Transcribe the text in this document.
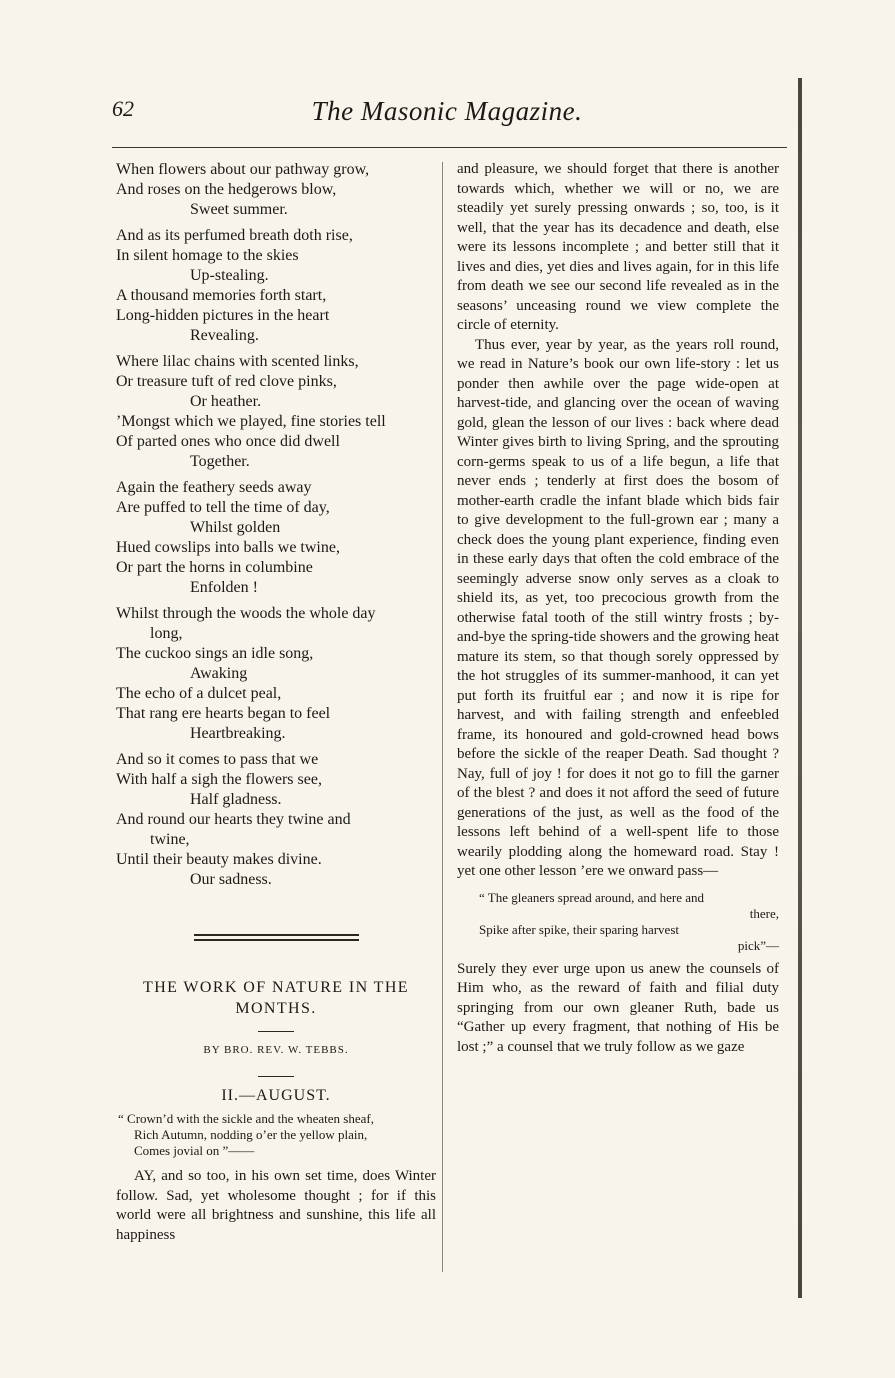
62	The Masonic Magazine.
When flowers about our pathway grow,
And roses on the hedgerows blow,
Sweet summer.
And as its perfumed breath doth rise,
In silent homage to the skies
Up-stealing.
A thousand memories forth start,
Long-hidden pictures in the heart
Revealing.
Where lilac chains with scented links,
Or treasure tuft of red clove pinks,
Or heather.
’Mongst which we played, fine stories tell
Of parted ones who once did dwell
Together.
Again the feathery seeds away
Are puffed to tell the time of day,
Whilst golden
Hued cowslips into balls we twine,
Or part the horns in columbine
Enfolden !
Whilst through the woods the whole day
long,
The cuckoo sings an idle song,
Awaking
The echo of a dulcet peal,
That rang ere hearts began to feel
Heartbreaking.
And so it comes to pass that we
With half a sigh the flowers see,
Half gladness.
And round our hearts they twine and
twine,
Until their beauty makes divine.
Our sadness.
THE WORK OF NATURE IN THE
MONTHS.
BY BRO. REV. W. TEBBS.
II.—AUGUST.
“ Crown’d with the sickle and the wheaten sheaf,
Rich Autumn, nodding o’er the yellow plain,
Comes jovial on ”——

AY, and so too, in his own set time, does Winter follow. Sad, yet wholesome thought ; for if this world were all brightness and sunshine, this life all happiness

and pleasure, we should forget that there is another towards which, whether we will or no, we are steadily yet surely pressing onwards ; so, too, is it well, that the year has its decadence and death, else were its lessons incomplete ; and better still that it lives and dies, yet dies and lives again, for in this life from death we see our second life revealed as in the seasons’ unceasing round we view complete the circle of eternity.

Thus ever, year by year, as the years roll round, we read in Nature’s book our own life-story : let us ponder then awhile over the page wide-open at harvest-tide, and glancing over the ocean of waving gold, glean the lesson of our lives : back where dead Winter gives birth to living Spring, and the sprouting corn-germs speak to us of a life begun, a life that never ends ; tenderly at first does the bosom of mother-earth cradle the infant blade which bids fair to give development to the full-grown ear ; many a check does the young plant experience, finding even in these early days that often the cold embrace of the seemingly adverse snow only serves as a cloak to shield its, as yet, too precocious growth from the otherwise fatal tooth of the still wintry frosts ; by-and-bye the spring-tide showers and the growing heat mature its stem, so that though sorely oppressed by the hot struggles of its summer-manhood, it can yet put forth its fruitful ear ; and now it is ripe for harvest, and with failing strength and enfeebled frame, its honoured and gold-crowned head bows before the sickle of the reaper Death. Sad thought ? Nay, full of joy ! for does it not go to fill the garner of the blest ? and does it not afford the seed of future generations of the just, as well as the food of the lessons left behind of a well-spent life to those wearily plodding along the homeward road. Stay ! yet one other lesson ’ere we onward pass—

“ The gleaners spread around, and here and
there,
Spike after spike, their sparing harvest
pick”—

Surely they ever urge upon us anew the counsels of Him who, as the reward of faith and filial duty springing from our own gleaner Ruth, bade us “Gather up every fragment, that nothing of His be lost ;” a counsel that we truly follow as we gaze
